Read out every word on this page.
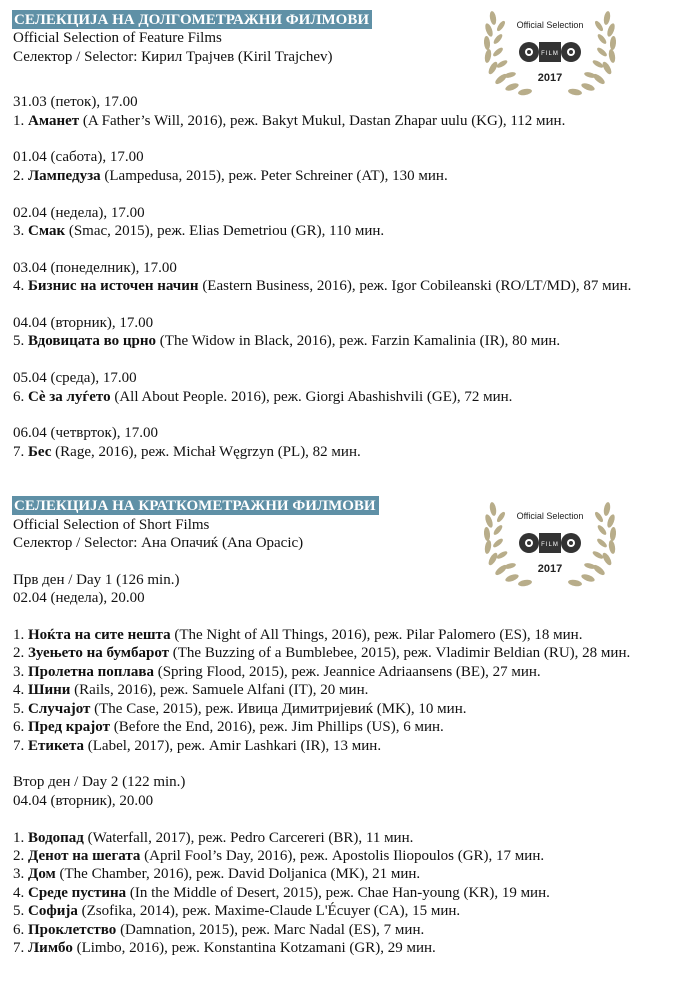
Official Selection
FILM
2017
Official Selection
FILM
2017
СЕЛЕКЦИЈА НА ДОЛГОМЕТРАЖНИ ФИЛМОВИ
Official Selection of Feature Films
Селектор / Selector: Кирил Трајчев (Kiril Trajchev)
31.03 (петок), 17.00
1. Аманет (A Father’s Will, 2016), реж. Bakyt Mukul, Dastan Zhapar uulu (KG), 112 мин.
01.04 (сабота), 17.00
2. Лампедуза (Lampedusa, 2015), реж. Peter Schreiner (AT), 130 мин.
02.04 (недела), 17.00
3. Смак (Smac, 2015), реж. Elias Demetriou (GR), 110 мин.
03.04 (понеделник), 17.00
4. Бизнис на источен начин (Eastern Business, 2016), реж. Igor Cobileanski (RO/LT/MD), 87 мин.
04.04 (вторник), 17.00
5. Вдовицата во црно (The Widow in Black, 2016), реж. Farzin Kamalinia (IR), 80 мин.
05.04 (среда), 17.00
6. Сè за луѓето (All About People. 2016), реж. Giorgi Abashishvili (GE), 72 мин.
06.04 (четврток), 17.00
7. Бес (Rage, 2016), реж. Michał Węgrzyn (PL), 82 мин.
СЕЛЕКЦИЈА НА КРАТКОМЕТРАЖНИ ФИЛМОВИ
Official Selection of Short Films
Селектор / Selector: Ана Опачиќ (Ana Opacic)
Прв ден / Day 1 (126 min.)
02.04 (недела), 20.00
1. Ноќта на сите нешта (The Night of All Things, 2016), реж. Pilar Palomero (ES), 18 мин.
2. Зуењето на бумбарот (The Buzzing of a Bumblebee, 2015), реж. Vladimir Beldian (RU), 28 мин.
3. Пролетна поплава (Spring Flood, 2015), реж. Jeannice Adriaansens (BE), 27 мин.
4. Шини (Rails, 2016), реж. Samuele Alfani (IT), 20 мин.
5. Случајот (The Case, 2015), реж. Ивица Димитријевиќ (MK), 10 мин.
6. Пред крајот (Before the End, 2016), реж. Jim Phillips (US), 6 мин.
7. Етикета (Label, 2017), реж. Amir Lashkari (IR), 13 мин.
Втор ден / Day 2 (122 min.)
04.04 (вторник), 20.00
1. Водопад (Waterfall, 2017), реж. Pedro Carcereri (BR), 11 мин.
2. Денот на шегата (April Fool’s Day, 2016), реж. Apostolis Iliopoulos (GR), 17 мин.
3. Дом (The Chamber, 2016), реж. David Doljanica (MK), 21 мин.
4. Среде пустина (In the Middle of Desert, 2015), реж. Chae Han-young (KR), 19 мин.
5. Софија (Zsofika, 2014), реж. Maxime-Claude L'Écuyer (CA), 15 мин.
6. Проклетство (Damnation, 2015), реж. Marc Nadal (ES), 7 мин.
7. Лимбо (Limbo, 2016), реж. Konstantina Kotzamani (GR), 29 мин.
